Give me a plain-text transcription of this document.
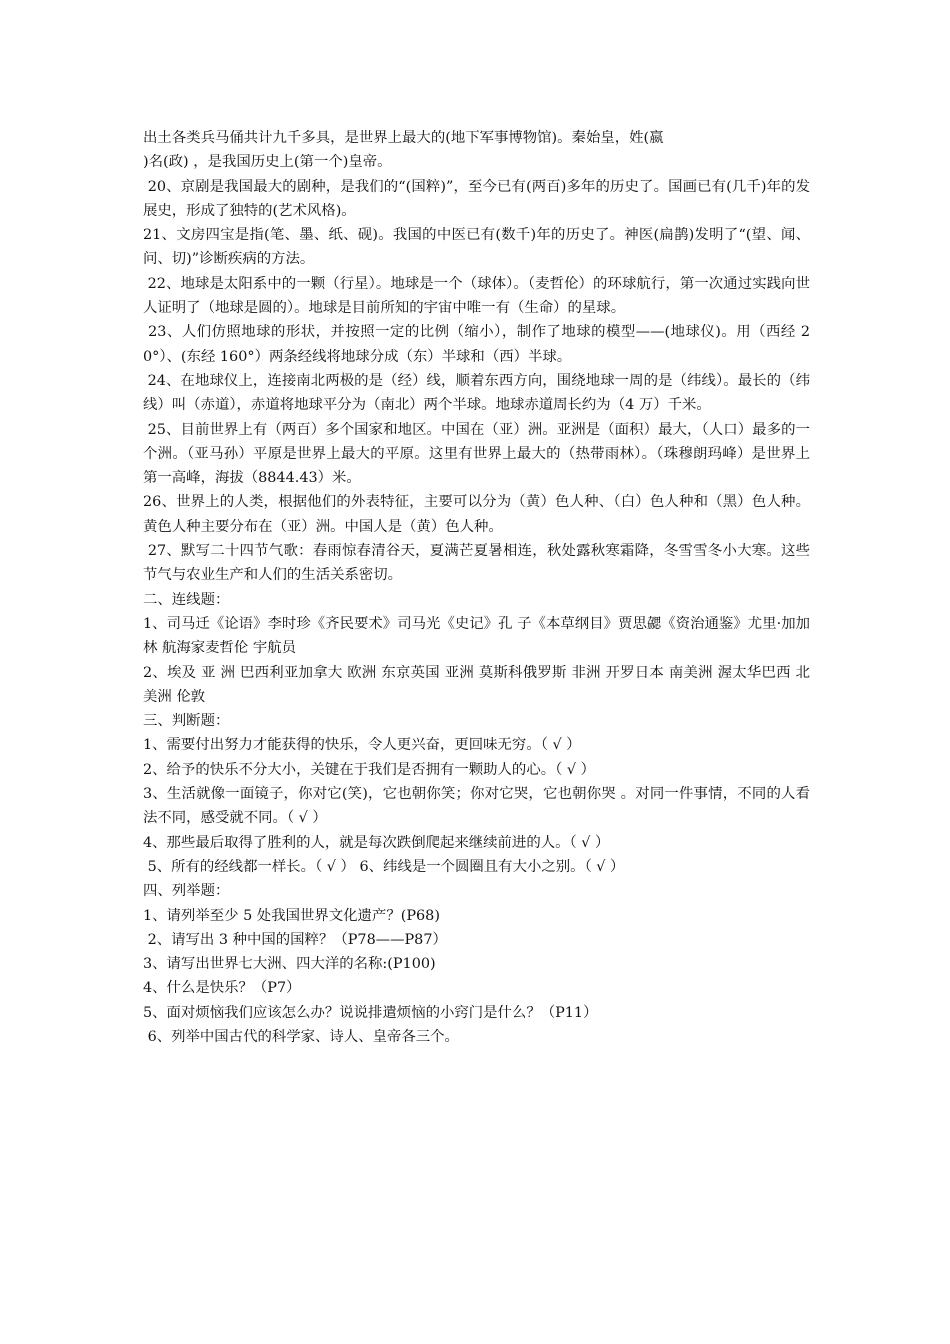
出土各类兵马俑共计九千多具，是世界上最大的(地下军事博物馆)。秦始皇，姓(嬴

)名(政) ，是我国历史上(第一个)皇帝。

20、京剧是我国最大的剧种，是我们的“(国粹)”，至今已有(两百)多年的历史了。国画已有(几千)年的发展史，形成了独特的(艺术风格)。

21、文房四宝是指(笔、墨、纸、砚)。我国的中医已有(数千)年的历史了。神医(扁鹊)发明了“(望、闻、问、切)”诊断疾病的方法。

22、地球是太阳系中的一颗（行星）。地球是一个（球体）。（麦哲伦）的环球航行，第一次通过实践向世人证明了（地球是圆的）。地球是目前所知的宇宙中唯一有（生命）的星球。

23、人们仿照地球的形状，并按照一定的比例（缩小），制作了地球的模型——(地球仪)。用（西经 20°）、(东经 160°）两条经线将地球分成（东）半球和（西）半球。

24、在地球仪上，连接南北两极的是（经）线，顺着东西方向，围绕地球一周的是（纬线）。最长的（纬线）叫（赤道），赤道将地球平分为（南北）两个半球。地球赤道周长约为（4 万）千米。

25、目前世界上有（两百）多个国家和地区。中国在（亚）洲。亚洲是（面积）最大，（人口）最多的一个洲。（亚马孙）平原是世界上最大的平原。这里有世界上最大的（热带雨林）。（珠穆朗玛峰）是世界上第一高峰，海拔（8844.43）米。

26、世界上的人类，根据他们的外表特征，主要可以分为（黄）色人种、（白）色人种和（黑）色人种。黄色人种主要分布在（亚）洲。中国人是（黄）色人种。

27、默写二十四节气歌：春雨惊春清谷天，夏满芒夏暑相连，秋处露秋寒霜降，冬雪雪冬小大寒。这些节气与农业生产和人们的生活关系密切。

二、连线题：

1、司马迁《论语》李时珍《齐民要术》司马光《史记》孔 子《本草纲目》贾思勰《资治通鉴》尤里·加加林 航海家麦哲伦 宇航员

2、埃及 亚 洲 巴西利亚加拿大 欧洲 东京英国 亚洲 莫斯科俄罗斯 非洲 开罗日本 南美洲 渥太华巴西 北美洲 伦敦

三、判断题：

1、需要付出努力才能获得的快乐，令人更兴奋，更回味无穷。（ √ ）

2、给予的快乐不分大小，关键在于我们是否拥有一颗助人的心。（ √ ）

3、生活就像一面镜子，你对它(笑)，它也朝你笑；你对它哭，它也朝你哭 。对同一件事情，不同的人看法不同，感受就不同。（ √ ）

4、那些最后取得了胜利的人，就是每次跌倒爬起来继续前进的人。（ √ ）

5、所有的经线都一样长。（ √ ） 6、纬线是一个圆圈且有大小之别。（ √ ）

四、列举题：

1、请列举至少 5 处我国世界文化遗产？(P68)

2、请写出 3 种中国的国粹？（P78——P87）

3、请写出世界七大洲、四大洋的名称:(P100)

4、什么是快乐？（P7）

5、面对烦恼我们应该怎么办？说说排遣烦恼的小窍门是什么？（P11）

6、列举中国古代的科学家、诗人、皇帝各三个。
